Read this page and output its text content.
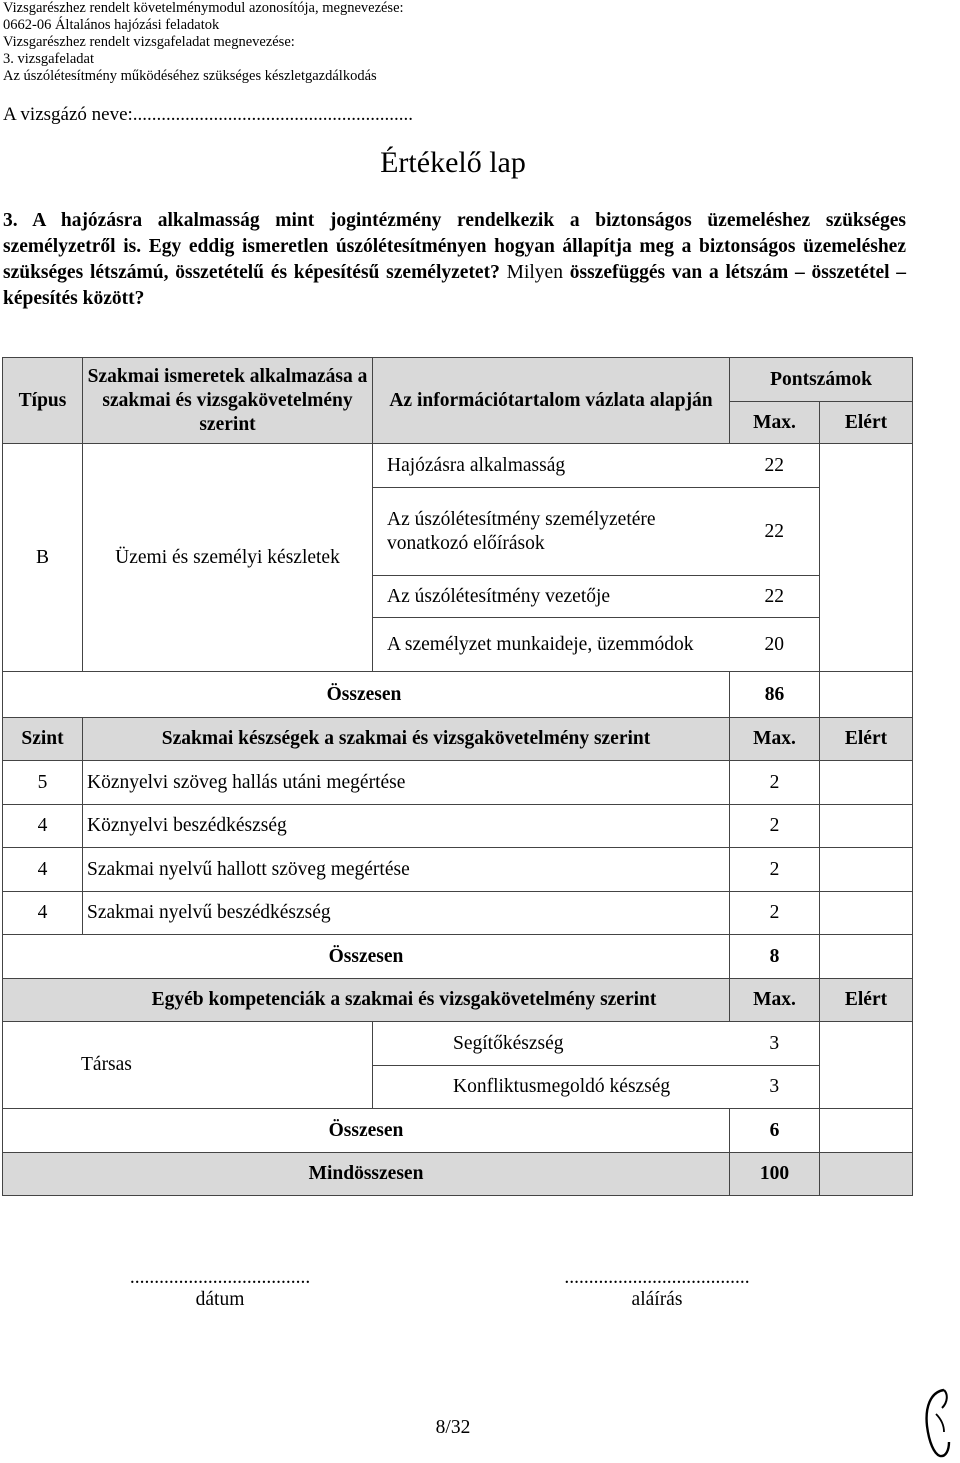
Vizsgarészhez rendelt követelménymodul azonosítója, megnevezése:
0662-06 Általános hajózási feladatok
Vizsgarészhez rendelt vizsgafeladat megnevezése:
3. vizsgafeladat
Az úszólétesítmény működéséhez szükséges készletgazdálkodás
A vizsgázó neve:...........................................................
Értékelő lap
3. A hajózásra alkalmasság mint jogintézmény rendelkezik a biztonságos üzemeléshez szükséges személyzetről is. Egy eddig ismeretlen úszólétesítményen hogyan állapítja meg a biztonságos üzemeléshez szükséges létszámú, összetételű és képesítésű személyzetet? Milyen összefüggés van a létszám – összetétel – képesítés között?
Típus	Szakmai ismeretek alkalmazása a szakmai és vizsgakövetelmény szerint	Az információtartalom vázlata alapján	Pontszámok	
			Max.	Elért
B	Üzemi és személyi készletek	Hajózásra alkalmasság	22	
		Az úszólétesítmény személyzetére vonatkozó előírások	22	
		Az úszólétesítmény vezetője	22	
		A személyzet munkaideje, üzemmódok	20	
Összesen			86	
Szint	Szakmai készségek a szakmai és vizsgakövetelmény szerint		Max.	Elért
5	Köznyelvi szöveg hallás utáni megértése		2	
4	Köznyelvi beszédkészség		2	
4	Szakmai nyelvű hallott szöveg megértése		2	
4	Szakmai nyelvű beszédkészség		2	
Összesen			8	
Egyéb kompetenciák a szakmai és vizsgakövetelmény szerint			Max.	Elért
Társas		Segítőkészség	3	
		Konfliktusmegoldó készség	3	
Összesen			6	
Mindösszesen			100	
.....................................
dátum
......................................
aláírás
8/32
